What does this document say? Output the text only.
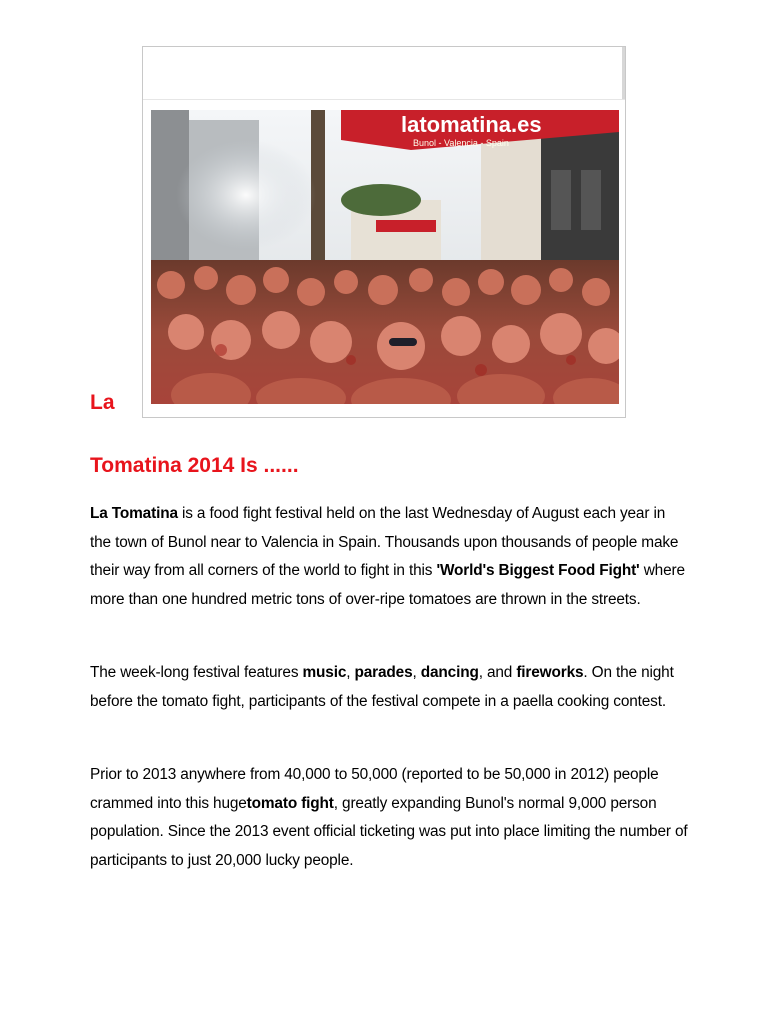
latomatina.es
Bunol - Valencia - Spain
La
Tomatina 2014 Is ......

La Tomatina is a food fight festival held on the last Wednesday of August each year in the town of Bunol near to Valencia in Spain. Thousands upon thousands of people make their way from all corners of the world to fight in this 'World's Biggest Food Fight' where more than one hundred metric tons of over-ripe tomatoes are thrown in the streets.

The week-long festival features music, parades, dancing, and fireworks. On the night before the tomato fight, participants of the festival compete in a paella cooking contest.

Prior to 2013 anywhere from 40,000 to 50,000 (reported to be 50,000 in 2012) people crammed into this hugetomato fight, greatly expanding Bunol's normal 9,000 person population. Since the 2013 event official ticketing was put into place limiting the number of participants to just 20,000 lucky people.
